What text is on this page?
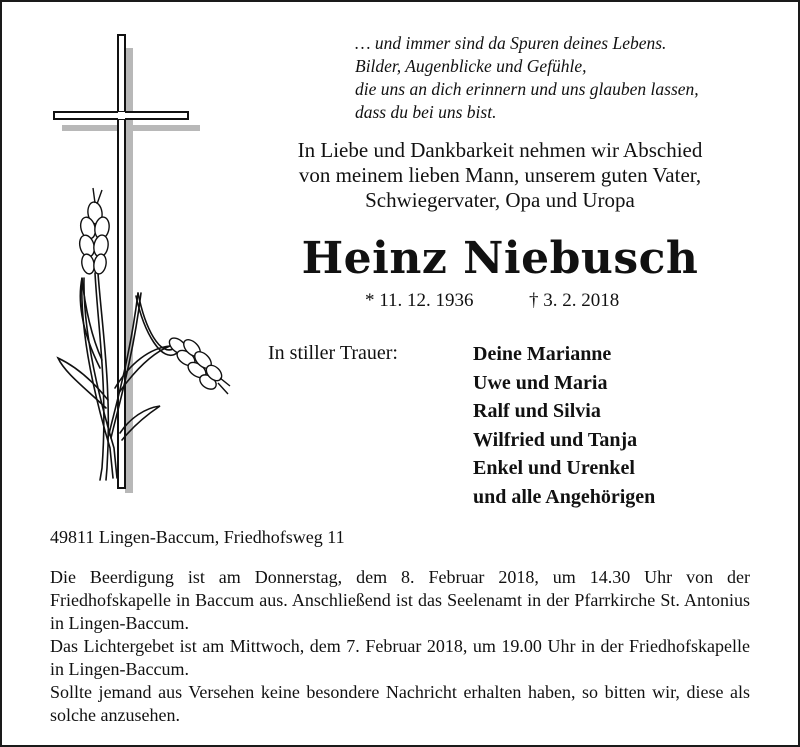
… und immer sind da Spuren deines Lebens.
Bilder, Augenblicke und Gefühle,
die uns an dich erinnern und uns glauben lassen,
dass du bei uns bist.
In Liebe und Dankbarkeit nehmen wir Abschied
von meinem lieben Mann, unserem guten Vater,
Schwiegervater, Opa und Uropa
Heinz Niebusch
* 11. 12. 1936	† 3. 2. 2018
In stiller Trauer:	Deine Marianne
Uwe und Maria
Ralf und Silvia
Wilfried und Tanja
Enkel und Urenkel
und alle Angehörigen
49811 Lingen-Baccum, Friedhofsweg 11

Die Beerdigung ist am Donnerstag, dem 8. Februar 2018, um 14.30 Uhr von der Friedhofskapelle in Baccum aus. Anschließend ist das Seelenamt in der Pfarrkirche St. Antonius in Lingen-Baccum.

Das Lichtergebet ist am Mittwoch, dem 7. Februar 2018, um 19.00 Uhr in der Friedhofskapelle in Lingen-Baccum.

Sollte jemand aus Versehen keine besondere Nachricht erhalten haben, so bitten wir, diese als solche anzusehen.
